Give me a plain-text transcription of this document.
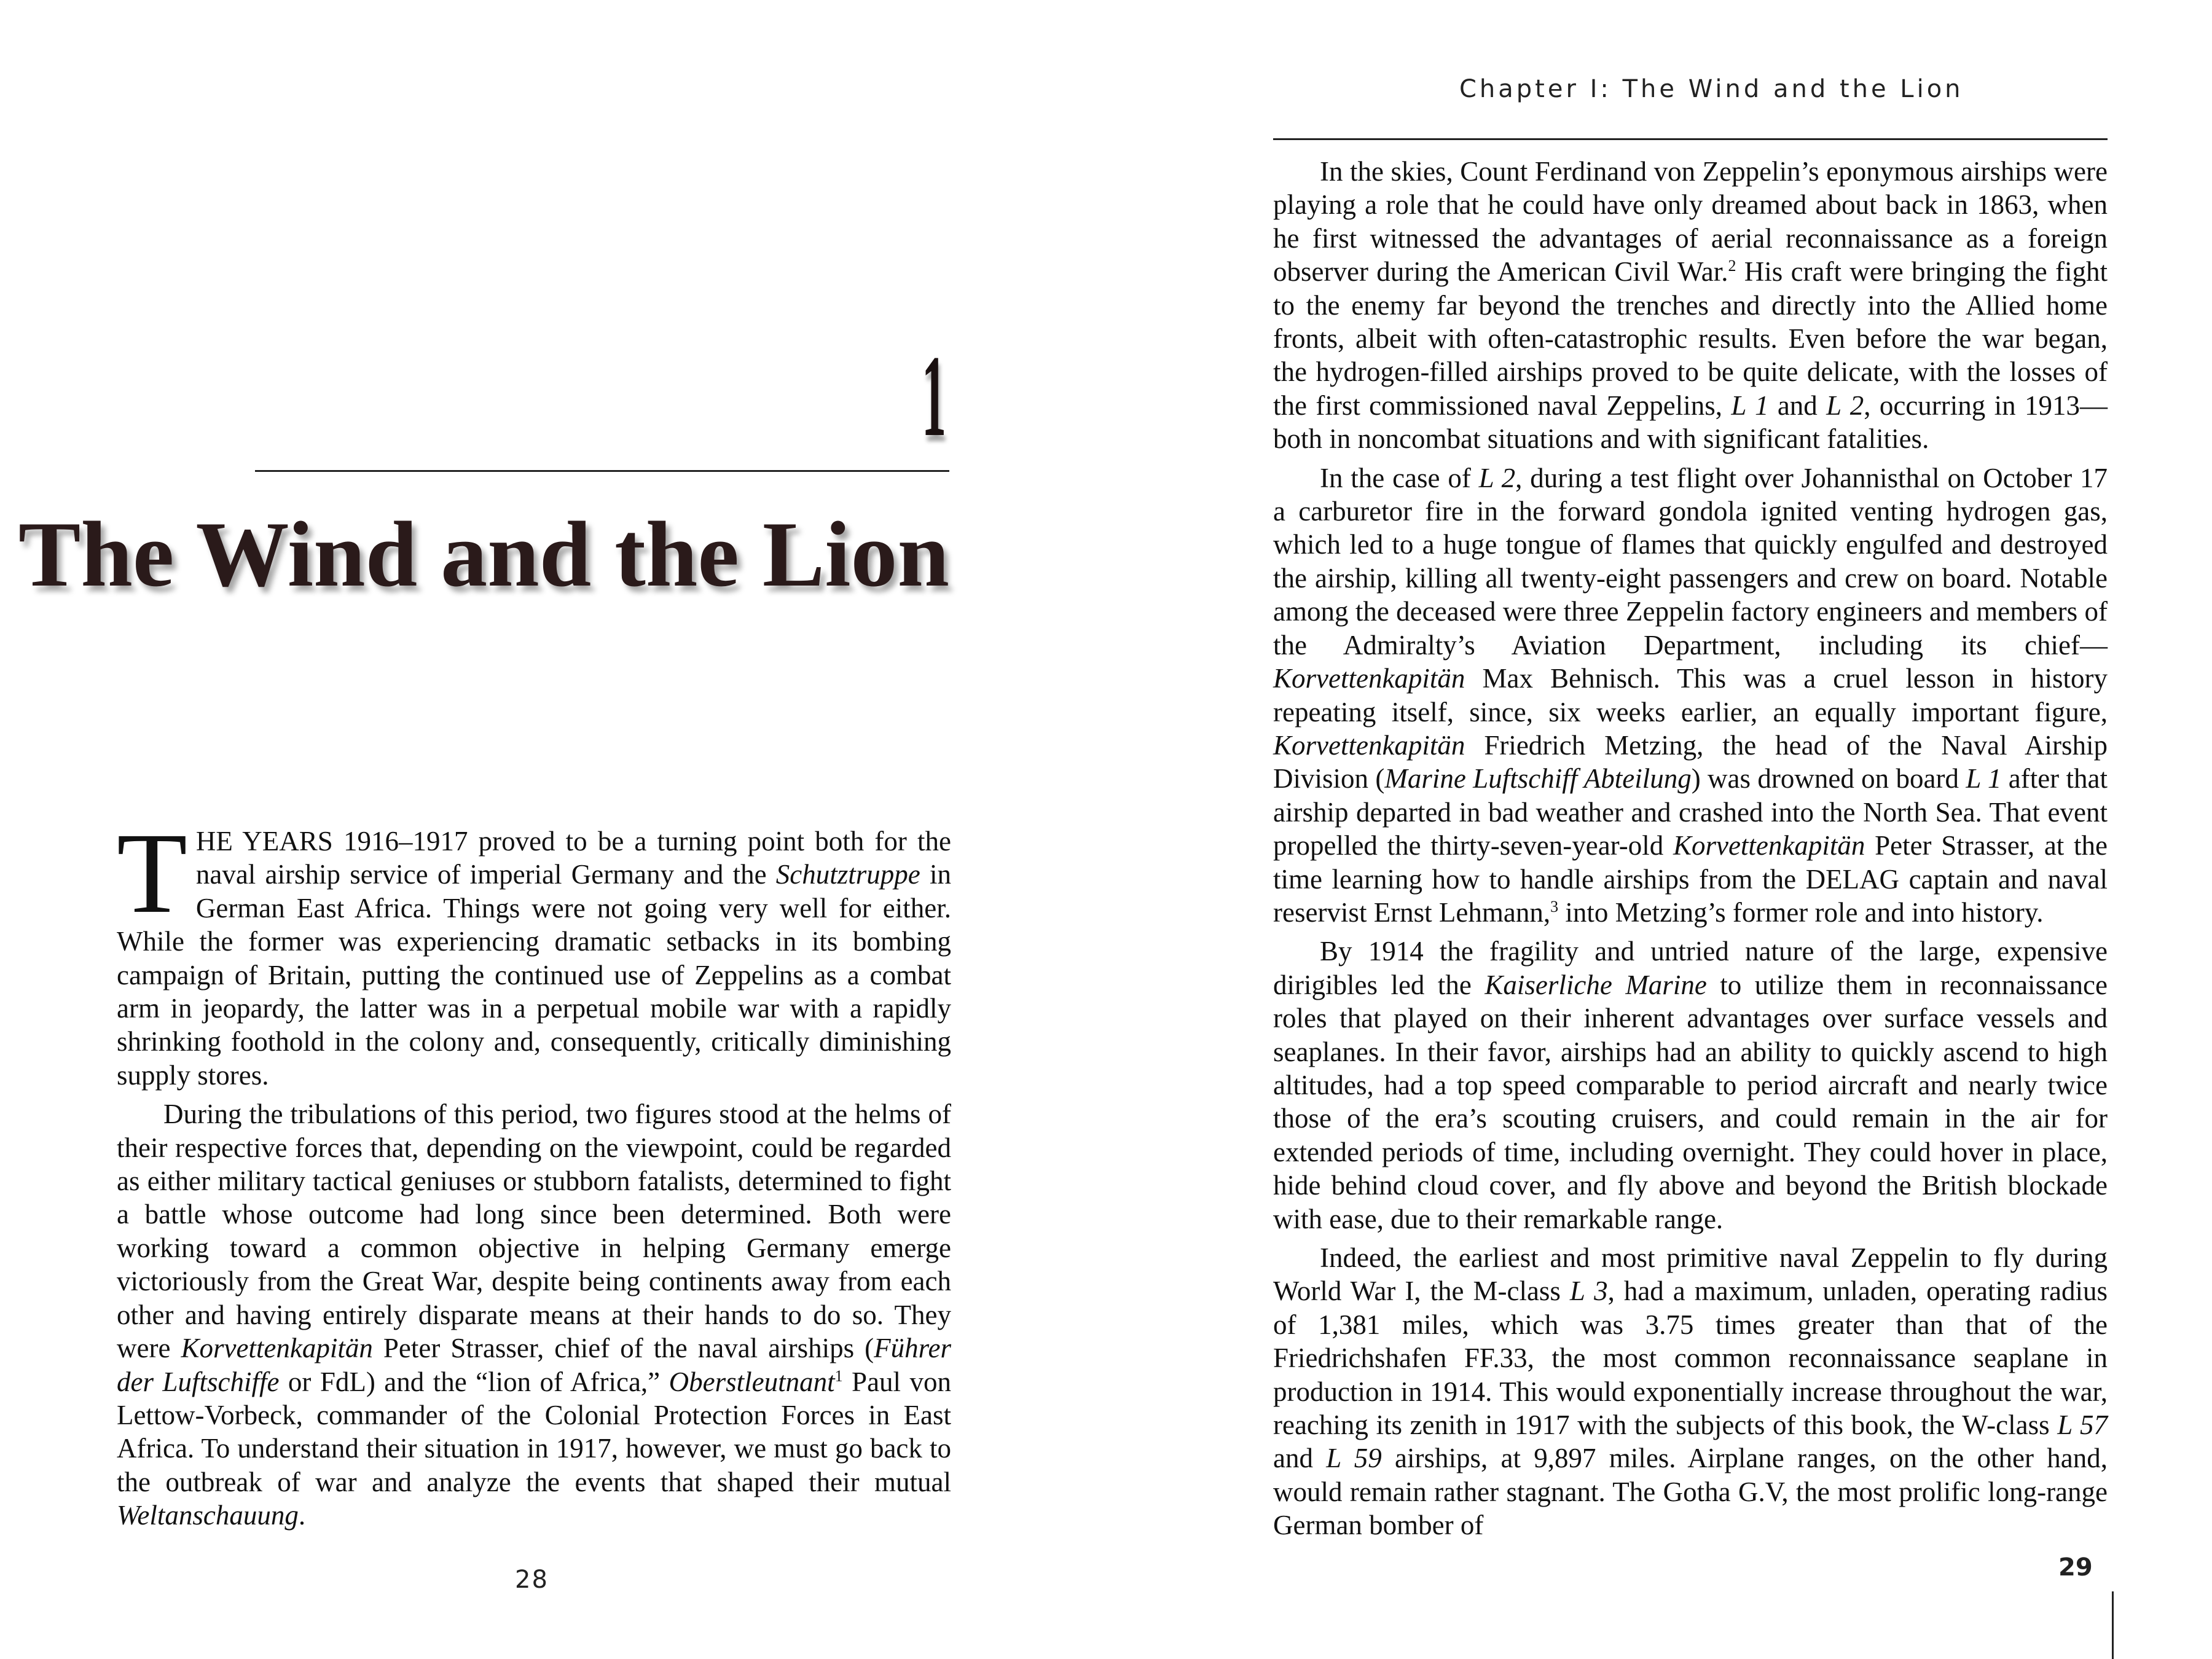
1
The Wind and the Lion

THE YEARS 1916–1917 proved to be a turning point both for the naval airship service of imperial Germany and the Schutztruppe in German East Africa. Things were not going very well for either. While the former was experiencing dramatic setbacks in its bombing campaign of Britain, putting the continued use of Zeppelins as a combat arm in jeopardy, the latter was in a perpetual mobile war with a rapidly shrinking foothold in the colony and, consequently, critically diminishing supply stores.

During the tribulations of this period, two figures stood at the helms of their respective forces that, depending on the viewpoint, could be regarded as either military tactical geniuses or stubborn fatalists, determined to fight a battle whose outcome had long since been determined. Both were working toward a common objective in helping Germany emerge victoriously from the Great War, despite being continents away from each other and having entirely disparate means at their hands to do so. They were Korvettenkapitän Peter Strasser, chief of the naval airships (Führer der Luftschiffe or FdL) and the “lion of Africa,” Oberstleutnant$^1$ Paul von Lettow-Vorbeck, commander of the Colonial Protection Forces in East Africa. To understand their situation in 1917, however, we must go back to the outbreak of war and analyze the events that shaped their mutual Weltanschauung.

28

Chapter I: The Wind and the Lion

In the skies, Count Ferdinand von Zeppelin’s eponymous airships were playing a role that he could have only dreamed about back in 1863, when he first witnessed the advantages of aerial reconnaissance as a foreign observer during the American Civil War.$^2$ His craft were bringing the fight to the enemy far beyond the trenches and directly into the Allied home fronts, albeit with often-catastrophic results. Even before the war began, the hydrogen-filled airships proved to be quite delicate, with the losses of the first commissioned naval Zeppelins, L 1 and L 2, occurring in 1913—both in noncombat situations and with significant fatalities.

In the case of L 2, during a test flight over Johannisthal on October 17 a carburetor fire in the forward gondola ignited venting hydrogen gas, which led to a huge tongue of flames that quickly engulfed and destroyed the airship, killing all twenty-eight passengers and crew on board. Notable among the deceased were three Zeppelin factory engineers and members of the Admiralty’s Aviation Department, including its chief—Korvettenkapitän Max Behnisch. This was a cruel lesson in history repeating itself, since, six weeks earlier, an equally important figure, Korvettenkapitän Friedrich Metzing, the head of the Naval Airship Division (Marine Luftschiff Abteilung) was drowned on board L 1 after that airship departed in bad weather and crashed into the North Sea. That event propelled the thirty-seven-year-old Korvettenkapitän Peter Strasser, at the time learning how to handle airships from the DELAG captain and naval reservist Ernst Lehmann,$^3$ into Metzing’s former role and into history.

By 1914 the fragility and untried nature of the large, expensive dirigibles led the Kaiserliche Marine to utilize them in reconnaissance roles that played on their inherent advantages over surface vessels and seaplanes. In their favor, airships had an ability to quickly ascend to high altitudes, had a top speed comparable to period aircraft and nearly twice those of the era’s scouting cruisers, and could remain in the air for extended periods of time, including overnight. They could hover in place, hide behind cloud cover, and fly above and beyond the British blockade with ease, due to their remarkable range.

Indeed, the earliest and most primitive naval Zeppelin to fly during World War I, the M-class L 3, had a maximum, unladen, operating radius of 1,381 miles, which was 3.75 times greater than that of the Friedrichshafen FF.33, the most common reconnaissance seaplane in production in 1914. This would exponentially increase throughout the war, reaching its zenith in 1917 with the subjects of this book, the W-class L 57 and L 59 airships, at 9,897 miles. Airplane ranges, on the other hand, would remain rather stagnant. The Gotha G.V, the most prolific long-range German bomber of

29
